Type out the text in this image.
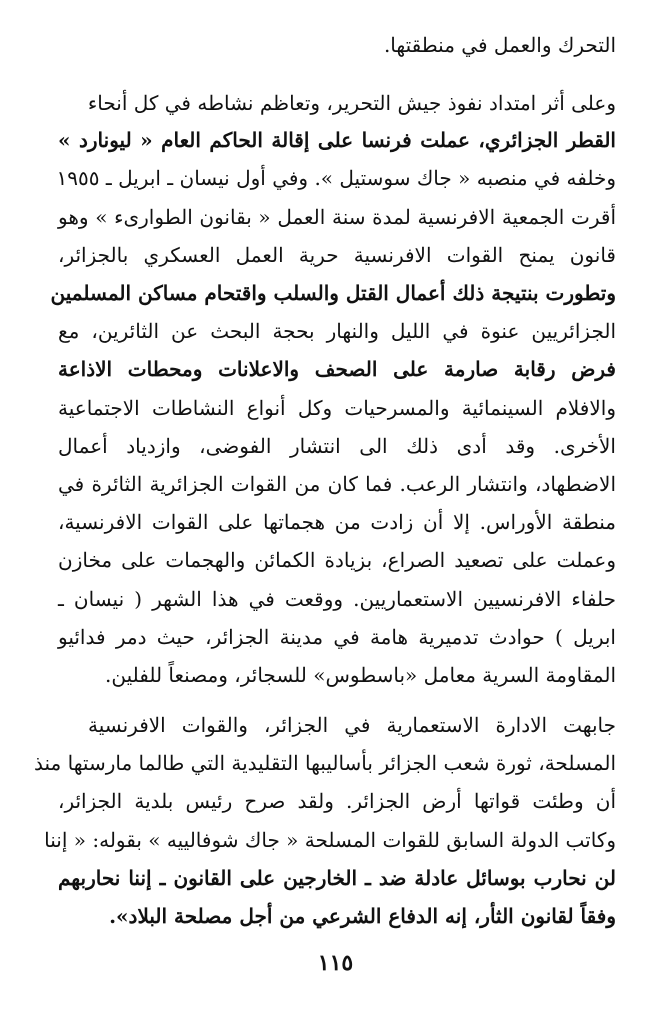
التحرك والعمل في منطقتها.
وعلى أثر امتداد نفوذ جيش التحرير، وتعاظم نشاطه في كل أنحاء
القطر الجزائري، عملت فرنسا على إقالة الحاكم العام « ليونارد »
وخلفه في منصبه « جاك سوستيل ». وفي أول نيسان ـ ابريل ـ ١٩٥٥
أقرت الجمعية الافرنسية لمدة سنة العمل « بقانون الطوارىء » وهو
قانون يمنح القوات الافرنسية حرية العمل العسكري بالجزائر،
وتطورت بنتيجة ذلك أعمال القتل والسلب واقتحام مساكن المسلمين
الجزائريين عنوة في الليل والنهار بحجة البحث عن الثائرين، مع
فرض رقابة صارمة على الصحف والاعلانات ومحطات الاذاعة
والافلام السينمائية والمسرحيات وكل أنواع النشاطات الاجتماعية
الأخرى. وقد أدى ذلك الى انتشار الفوضى، وازدياد أعمال
الاضطهاد، وانتشار الرعب. فما كان من القوات الجزائرية الثائرة في
منطقة الأوراس. إلا أن زادت من هجماتها على القوات الافرنسية،
وعملت على تصعيد الصراع، بزيادة الكمائن والهجمات على مخازن
حلفاء الافرنسيين الاستعماريين. ووقعت في هذا الشهر ( نيسان ـ
ابريل ) حوادث تدميرية هامة في مدينة الجزائر، حيث دمر فدائيو
المقاومة السرية معامل «باسطوس» للسجائر، ومصنعاً للفلين.
جابهت الادارة الاستعمارية في الجزائر، والقوات الافرنسية
المسلحة، ثورة شعب الجزائر بأساليبها التقليدية التي طالما مارستها منذ
أن وطئت قواتها أرض الجزائر. ولقد صرح رئيس بلدية الجزائر،
وكاتب الدولة السابق للقوات المسلحة « جاك شوفالييه » بقوله: « إننا
لن نحارب بوسائل عادلة ضد ـ الخارجين على القانون ـ إننا نحاربهم
وفقاً لقانون الثأر، إنه الدفاع الشرعي من أجل مصلحة البلاد».
١١٥
